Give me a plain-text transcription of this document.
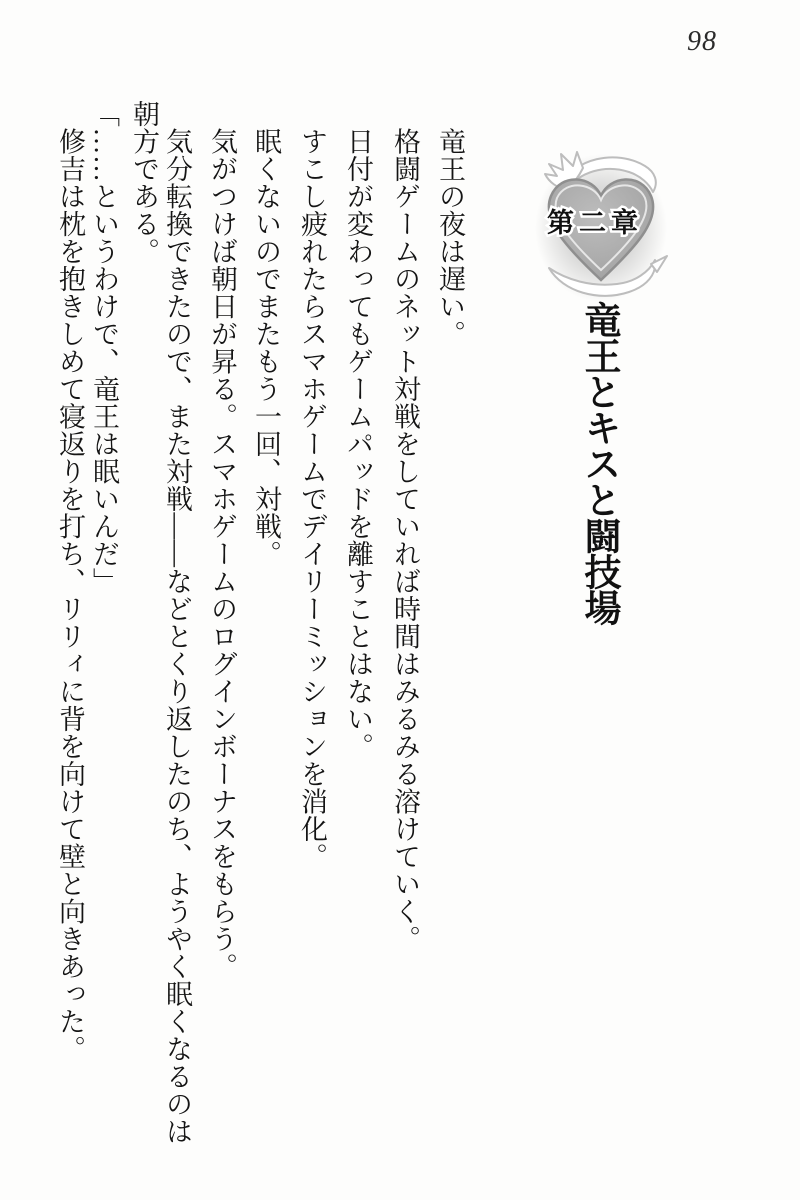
98
第二章
竜王とキスと闘技場
　竜王の夜は遅い。
　格闘ゲームのネット対戦をしていれば時間はみるみる溶けていく。
　日付が変わってもゲームパッドを離すことはない。
　すこし疲れたらスマホゲームでデイリーミッションを消化。
　眠くないのでまたもう一回、対戦。
　気がつけば朝日が昇る。スマホゲームのログインボーナスをもらう。
　気分転換できたので、また対戦――などとくり返したのち、ようやく眠くなるのは
朝方である。
「……というわけで、竜王は眠いんだ」
　修吉は枕を抱きしめて寝返りを打ち、リリィに背を向けて壁と向きあった。
